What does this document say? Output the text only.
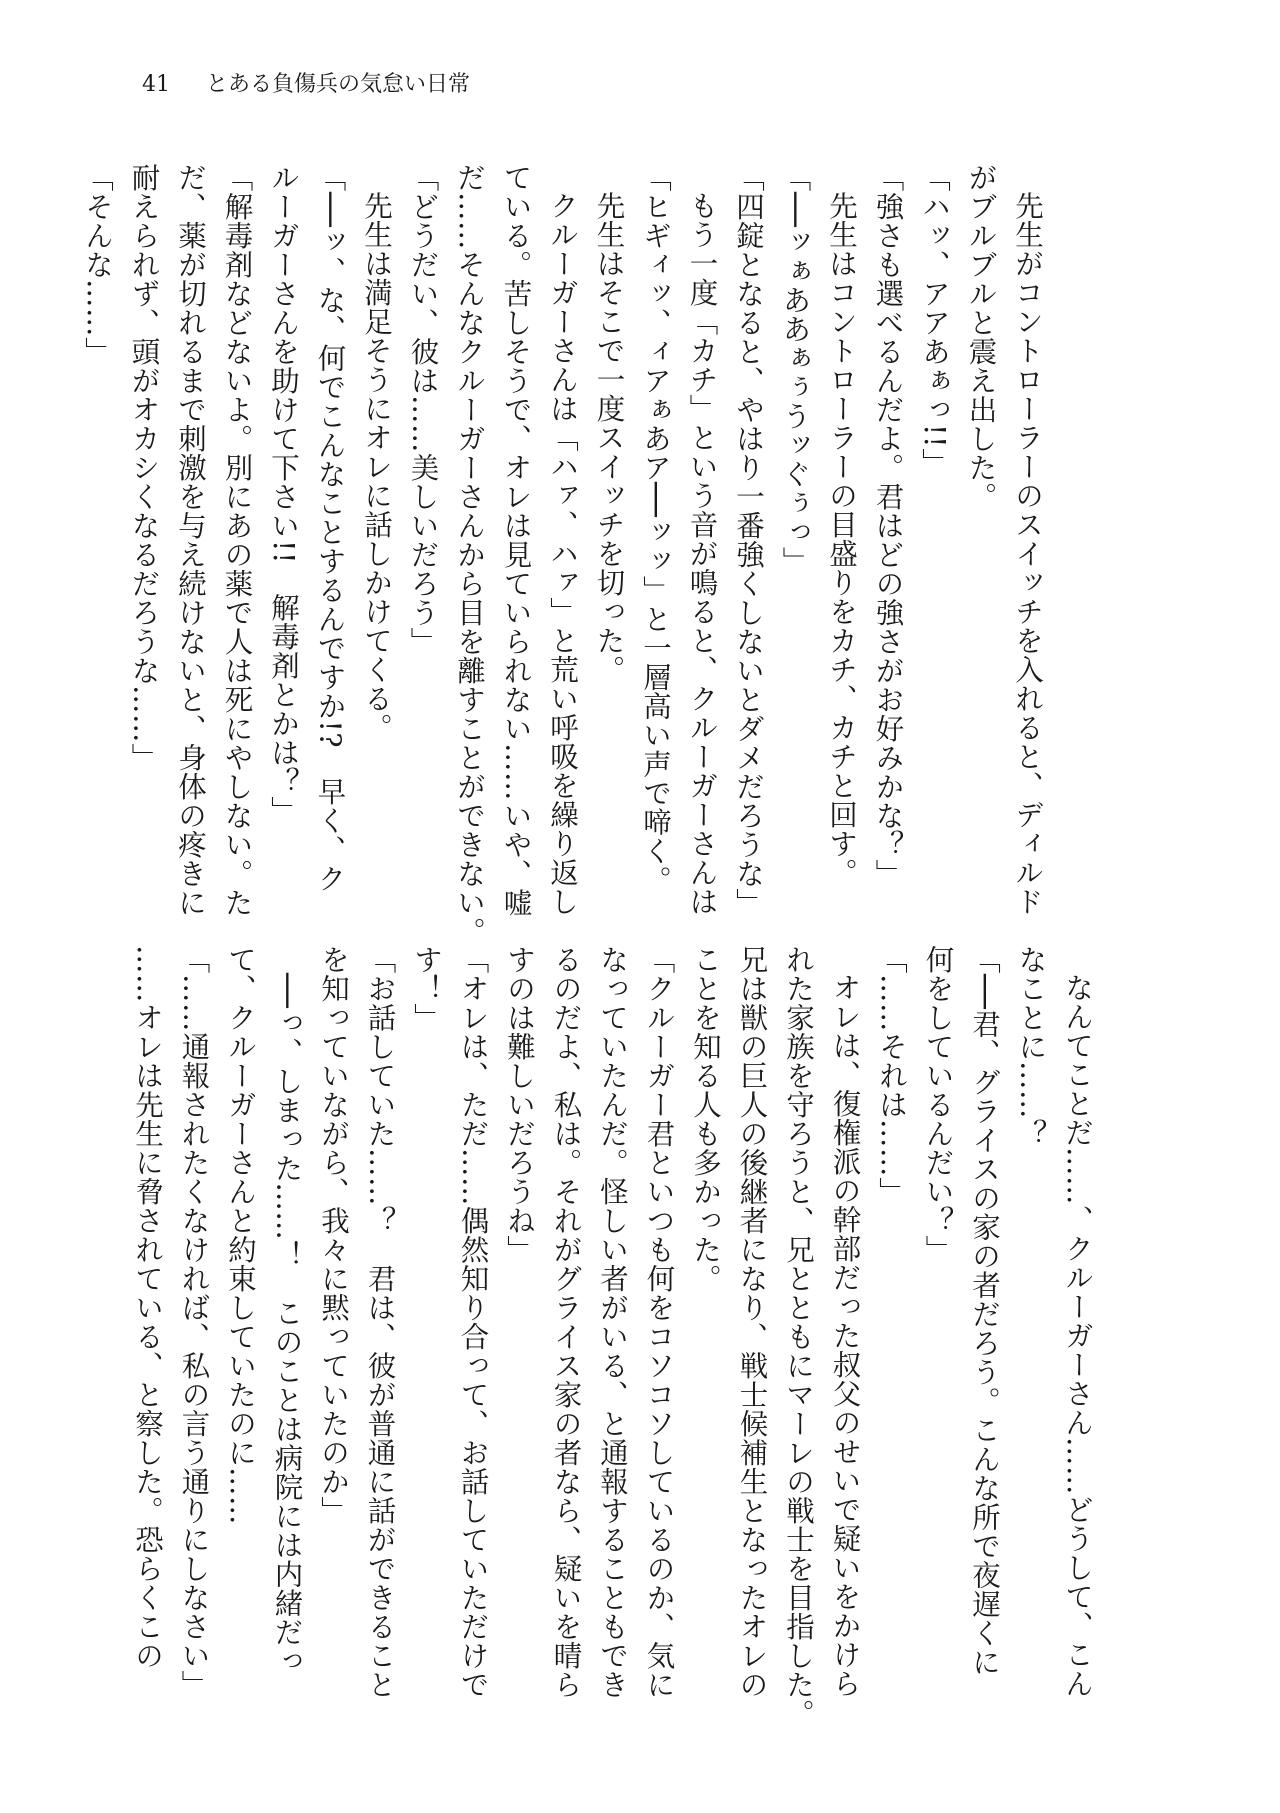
41 とある負傷兵の気怠い日常
先生がコントローラーのスイッチを入れると、ディルド
がブルブルと震え出した。
「ハッ、アアあぁっ!!」
「強さも選べるんだよ。君はどの強さがお好みかな？」
先生はコントローラーの目盛りをカチ、カチと回す。
「──ッぁああぁぅうッぐぅっ」
「四錠となると、やはり一番強くしないとダメだろうな」
もう一度「カチ」という音が鳴ると、クルーガーさんは
「ヒギィッ、ィアぁあア──ッッ」と一層高い声で啼く。
先生はそこで一度スイッチを切った。
クルーガーさんは「ハァ、ハァ」と荒い呼吸を繰り返し
ている。苦しそうで、オレは見ていられない……いや、嘘
だ……そんなクルーガーさんから目を離すことができない。
「どうだい、彼は……美しいだろう」
先生は満足そうにオレに話しかけてくる。
「──ッ、な、何でこんなことするんですか!?　早く、ク
ルーガーさんを助けて下さい!!　解毒剤とかは？」
「解毒剤などないよ。別にあの薬で人は死にやしない。た
だ、薬が切れるまで刺激を与え続けないと、身体の疼きに
耐えられず、頭がオカシくなるだろうな……」
「そんな……」
なんてことだ……、クルーガーさん……どうして、こん
なことに……？
「──君、グライスの家の者だろう。こんな所で夜遅くに
何をしているんだい？」
「……それは……」
オレは、復権派の幹部だった叔父のせいで疑いをかけら
れた家族を守ろうと、兄とともにマーレの戦士を目指した。
兄は獣の巨人の後継者になり、戦士候補生となったオレの
ことを知る人も多かった。
「クルーガー君といつも何をコソコソしているのか、気に
なっていたんだ。怪しい者がいる、と通報することもでき
るのだよ、私は。それがグライス家の者なら、疑いを晴ら
すのは難しいだろうね」
「オレは、ただ……偶然知り合って、お話していただけで
す！」
「お話していた……？　君は、彼が普通に話ができること
を知っていながら、我々に黙っていたのか」
──っ、しまった……！　このことは病院には内緒だっ
て、クルーガーさんと約束していたのに……
「……通報されたくなければ、私の言う通りにしなさい」
……オレは先生に脅されている、と察した。恐らくこの
